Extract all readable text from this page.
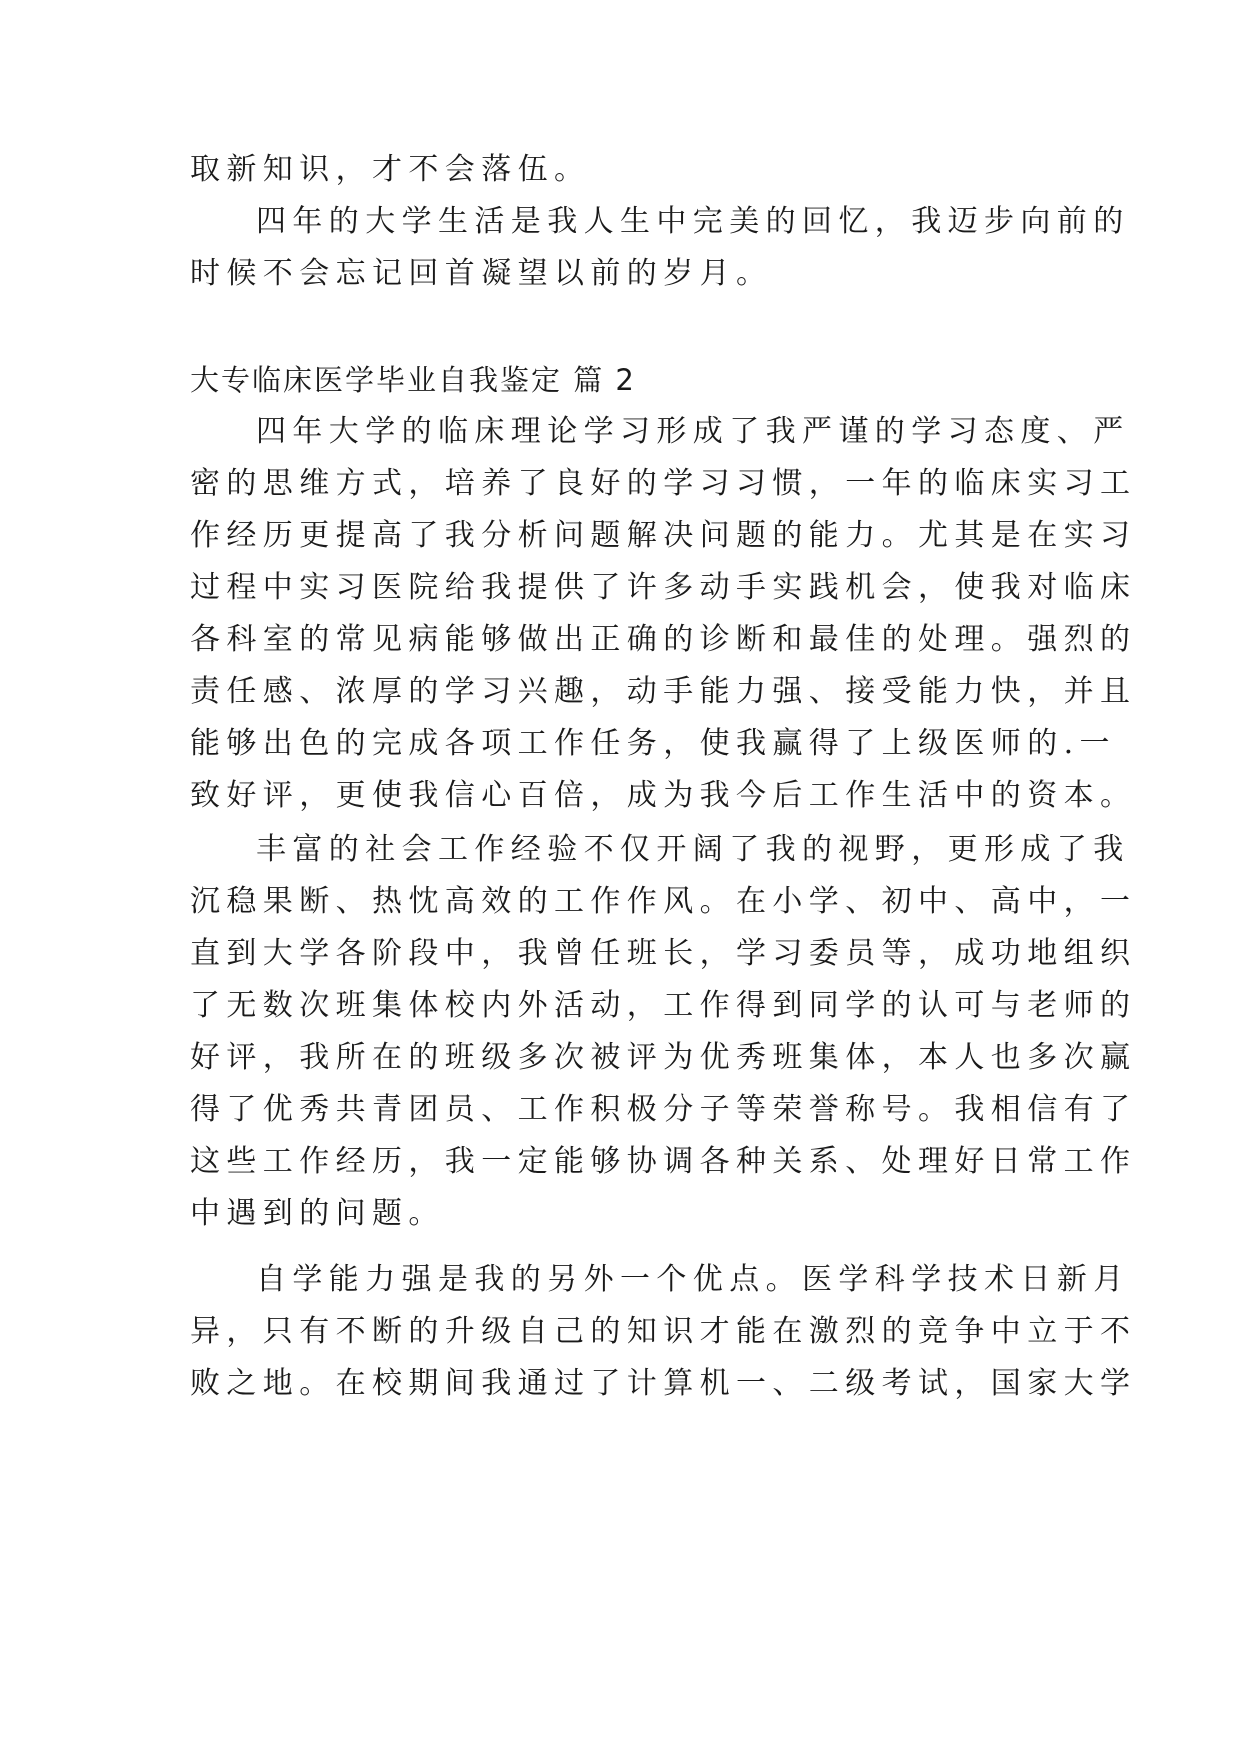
取新知识，才不会落伍。
四年的大学生活是我人生中完美的回忆，我迈步向前的
时候不会忘记回首凝望以前的岁月。
大专临床医学毕业自我鉴定 篇 2
四年大学的临床理论学习形成了我严谨的学习态度、严
密的思维方式，培养了良好的学习习惯，一年的临床实习工
作经历更提高了我分析问题解决问题的能力。尤其是在实习
过程中实习医院给我提供了许多动手实践机会，使我对临床
各科室的常见病能够做出正确的诊断和最佳的处理。强烈的
责任感、浓厚的学习兴趣，动手能力强、接受能力快，并且
能够出色的完成各项工作任务，使我赢得了上级医师的.一
致好评，更使我信心百倍，成为我今后工作生活中的资本。
丰富的社会工作经验不仅开阔了我的视野，更形成了我
沉稳果断、热忱高效的工作作风。在小学、初中、高中，一
直到大学各阶段中，我曾任班长，学习委员等，成功地组织
了无数次班集体校内外活动，工作得到同学的认可与老师的
好评，我所在的班级多次被评为优秀班集体，本人也多次赢
得了优秀共青团员、工作积极分子等荣誉称号。我相信有了
这些工作经历，我一定能够协调各种关系、处理好日常工作
中遇到的问题。
自学能力强是我的另外一个优点。医学科学技术日新月
异，只有不断的升级自己的知识才能在激烈的竞争中立于不
败之地。在校期间我通过了计算机一、二级考试，国家大学
